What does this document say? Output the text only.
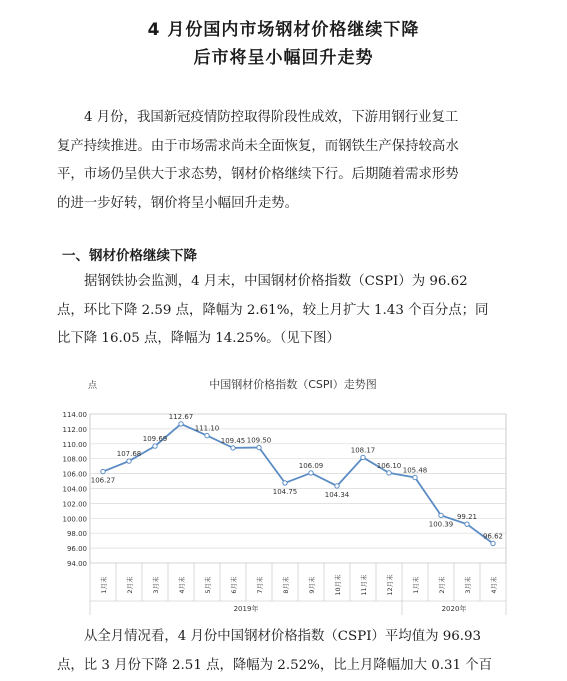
4 月份国内市场钢材价格继续下降
后市将呈小幅回升走势
4 月份，我国新冠疫情防控取得阶段性成效，下游用钢行业复工
复产持续推进。由于市场需求尚未全面恢复，而钢铁生产保持较高水
平，市场仍呈供大于求态势，钢材价格继续下行。后期随着需求形势
的进一步好转，钢价将呈小幅回升走势。
一、钢材价格继续下降
据钢铁协会监测，4 月末，中国钢材价格指数（CSPI）为 96.62
点，环比下降 2.59 点，降幅为 2.61%，较上月扩大 1.43 个百分点；同
比下降 16.05 点，降幅为 14.25%。（见下图）
点	中国钢材价格指数（CSPI）走势图
114.00
112.00
110.00
108.00
106.00
104.00
102.00
100.00
98.00
96.00
94.00
1月末	2月末	3月末	4月末	5月末	6月末	7月末	8月末	9月末	10月末	11月末	12月末	1月末	2月末	3月末	4月末
2019年	2020年
106.27
107.68
109.69
112.67
111.10
109.45 109.50
104.75
106.09
104.34
108.17
106.10
105.48
100.39
99.21
96.62
从全月情况看，4 月份中国钢材价格指数（CSPI）平均值为 96.93
点，比 3 月份下降 2.51 点，降幅为 2.52%，比上月降幅加大 0.31 个百
